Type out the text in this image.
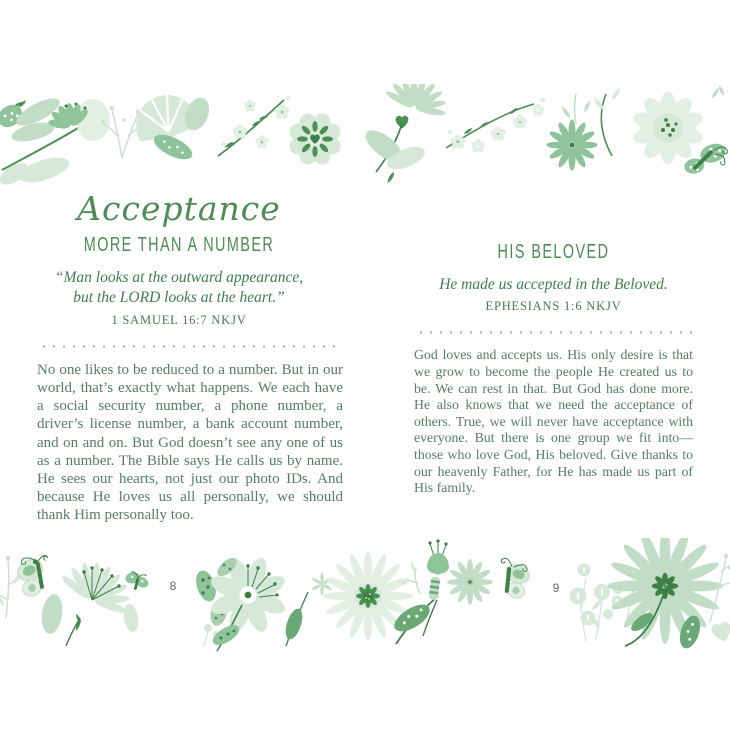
Acceptance
MORE THAN A NUMBER

“Man looks at the outward appearance,
but the LORD looks at the heart.”

1 SAMUEL 16:7 NKJV

No one likes to be reduced to a number. But in our world, that’s exactly what happens. We each have a social security number, a phone number, a driver’s license number, a bank account number, and on and on. But God doesn’t see any one of us as a number. The Bible says He calls us by name. He sees our hearts, not just our photo IDs. And because He loves us all personally, we should thank Him personally too.

HIS BELOVED

He made us accepted in the Beloved.

EPHESIANS 1:6 NKJV

God loves and accepts us. His only desire is that we grow to become the people He created us to be. We can rest in that. But God has done more. He also knows that we need the acceptance of others. True, we will never have acceptance with everyone. But there is one group we fit into—those who love God, His beloved. Give thanks to our heavenly Father, for He has made us part of His family.

8	9
